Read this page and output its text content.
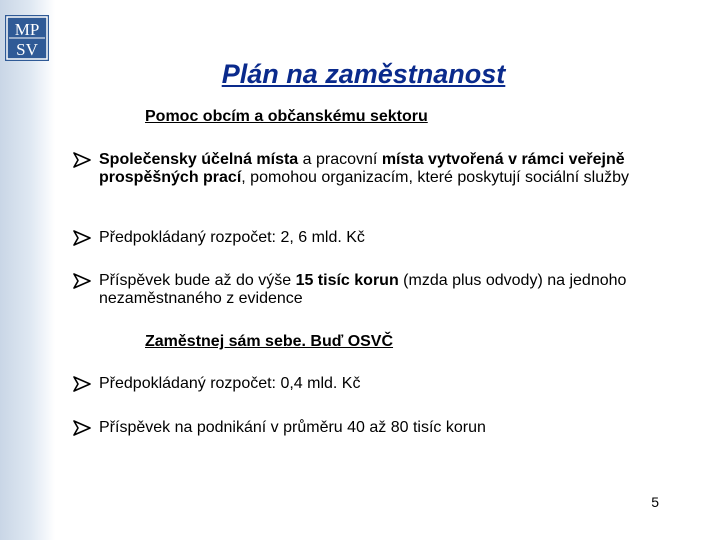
MP
SV
Plán na zaměstnanost
Pomoc obcím a občanskému sektoru
Společensky účelná místa a pracovní místa vytvořená v rámci veřejně prospěšných prací, pomohou organizacím, které poskytují sociální služby
Předpokládaný rozpočet: 2, 6 mld. Kč
Příspěvek bude až do výše 15 tisíc korun (mzda plus odvody) na jednoho nezaměstnaného z evidence
Zaměstnej sám sebe. Buď OSVČ
Předpokládaný rozpočet: 0,4 mld. Kč
Příspěvek na podnikání v průměru 40 až 80 tisíc korun
5
